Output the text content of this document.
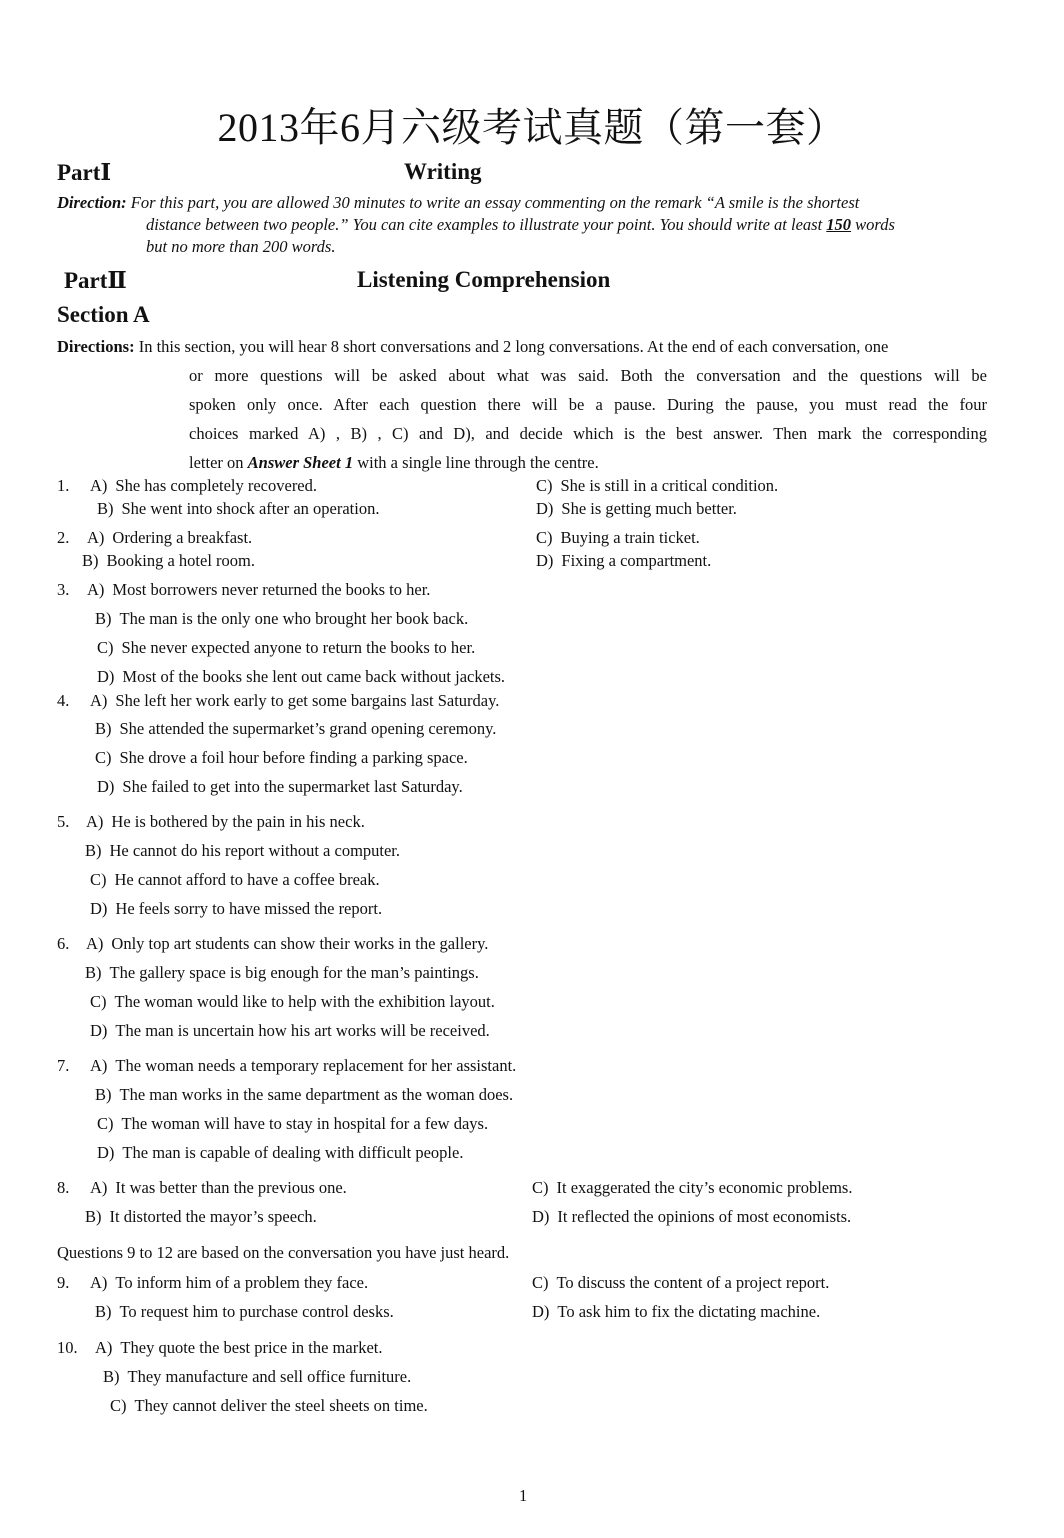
2013年6月六级考试真题（第一套）
PartⅠ	Writing
Direction: For this part, you are allowed 30 minutes to write an essay commenting on the remark “A smile is the shortest
distance between two people.” You can cite examples to illustrate your point. You should write at least 150 words
but no more than 200 words.
PartⅡ	Listening Comprehension
Section A
Directions: In this section, you will hear 8 short conversations and 2 long conversations. At the end of each conversation, one
or more questions will be asked about what was said. Both the conversation and the questions will be
spoken only once. After each question there will be a pause. During the pause, you must read the four
choices marked A) , B) , C) and D), and decide which is the best answer. Then mark the corresponding
letter on Answer Sheet 1 with a single line through the centre.
1. A) She has completely recovered.
B) She went into shock after an operation.
C) She is still in a critical condition.
D) She is getting much better.
2. A) Ordering a breakfast.
B) Booking a hotel room.
C) Buying a train ticket.
D) Fixing a compartment.
3. A) Most borrowers never returned the books to her.
B) The man is the only one who brought her book back.
C) She never expected anyone to return the books to her.
D) Most of the books she lent out came back without jackets.
4. A) She left her work early to get some bargains last Saturday.
B) She attended the supermarket’s grand opening ceremony.
C) She drove a foil hour before finding a parking space.
D) She failed to get into the supermarket last Saturday.
5. A) He is bothered by the pain in his neck.
B) He cannot do his report without a computer.
C) He cannot afford to have a coffee break.
D) He feels sorry to have missed the report.
6. A) Only top art students can show their works in the gallery.
B) The gallery space is big enough for the man’s paintings.
C) The woman would like to help with the exhibition layout.
D) The man is uncertain how his art works will be received.
7. A) The woman needs a temporary replacement for her assistant.
B) The man works in the same department as the woman does.
C) The woman will have to stay in hospital for a few days.
D) The man is capable of dealing with difficult people.
8. A) It was better than the previous one.
B) It distorted the mayor’s speech.
C) It exaggerated the city’s economic problems.
D) It reflected the opinions of most economists.
9. A) To inform him of a problem they face.
B) To request him to purchase control desks.
C) To discuss the content of a project report.
D) To ask him to fix the dictating machine.
10. A) They quote the best price in the market.
B) They manufacture and sell office furniture.
C) They cannot deliver the steel sheets on time.
Questions 9 to 12 are based on the conversation you have just heard.
1
